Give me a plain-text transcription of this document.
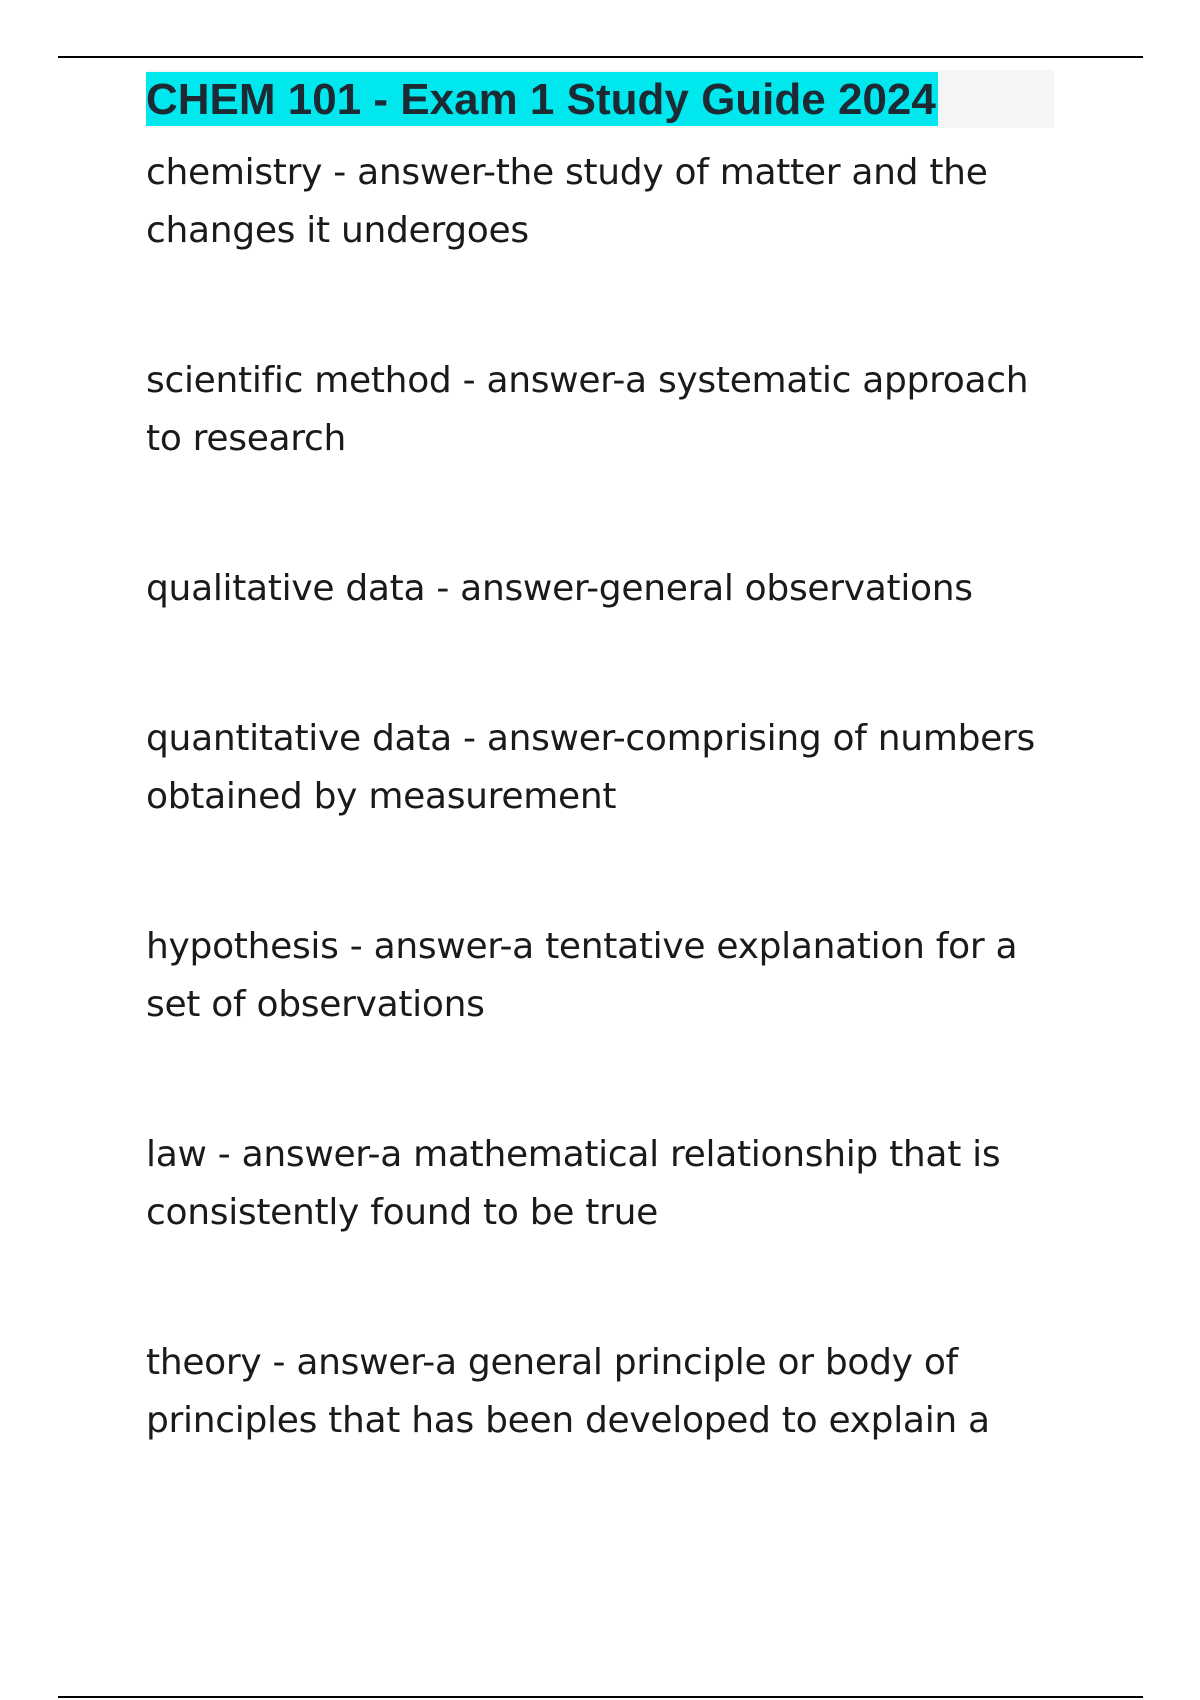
CHEM 101 - Exam 1 Study Guide 2024

chemistry - answer-the study of matter and the changes it undergoes

scientific method - answer-a systematic approach to research

qualitative data - answer-general observations

quantitative data - answer-comprising of numbers obtained by measurement

hypothesis - answer-a tentative explanation for a set of observations

law - answer-a mathematical relationship that is consistently found to be true

theory - answer-a general principle or body of principles that has been developed to explain a
